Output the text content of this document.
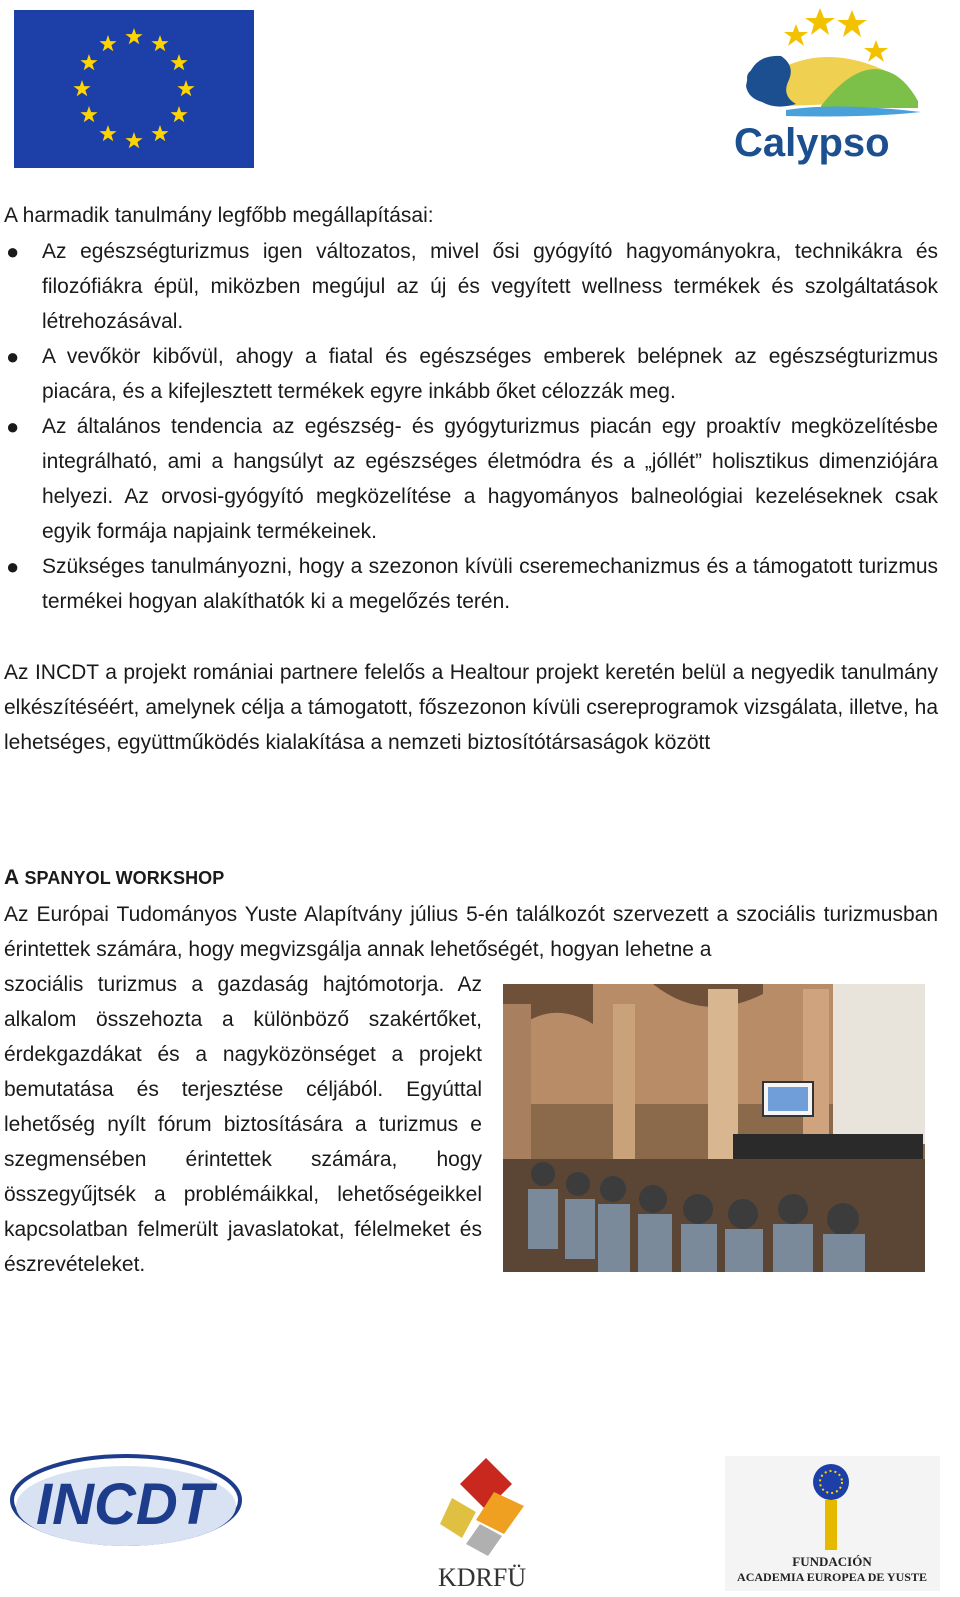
Calypso
A harmadik tanulmány legfőbb megállapításai:
● Az egészségturizmus igen változatos, mivel ősi gyógyító hagyományokra, technikákra és filozófiákra épül, miközben megújul az új és vegyített wellness termékek és szolgáltatások létrehozásával.
● A vevőkör kibővül, ahogy a fiatal és egészséges emberek belépnek az egészségturizmus piacára, és a kifejlesztett termékek egyre inkább őket célozzák meg.
● Az általános tendencia az egészség- és gyógyturizmus piacán egy proaktív megközelítésbe integrálható, ami a hangsúlyt az egészséges életmódra és a „jóllét” holisztikus dimenziójára helyezi. Az orvosi-gyógyító megközelítése a hagyományos balneológiai kezeléseknek csak egyik formája napjaink termékeinek.
● Szükséges tanulmányozni, hogy a szezonon kívüli cseremechanizmus és a támogatott turizmus termékei hogyan alakíthatók ki a megelőzés terén.
Az INCDT a projekt romániai partnere felelős a Healtour projekt keretén belül a negyedik tanulmány elkészítéséért, amelynek célja a támogatott, főszezonon kívüli csereprogramok vizsgálata, illetve, ha lehetséges, együttműködés kialakítása a nemzeti biztosítótársaságok között
A SPANYOL WORKSHOP
Az Európai Tudományos Yuste Alapítvány július 5-én találkozót szervezett a szociális turizmusban érintettek számára, hogy megvizsgálja annak lehetőségét, hogyan lehetne a
szociális turizmus a gazdaság hajtómotorja. Az alkalom összehozta a különböző szakértőket, érdekgazdákat és a nagyközönséget a projekt bemutatása és terjesztése céljából. Egyúttal lehetőség nyílt fórum biztosítására a turizmus e szegmensében érintettek számára, hogy összegyűjtsék a problémáikkal, lehetőségeikkel kapcsolatban felmerült javaslatokat, félelmeket és észrevételeket.
INCDT
KDRFÜ
FUNDACIÓN
ACADEMIA EUROPEA DE YUSTE
